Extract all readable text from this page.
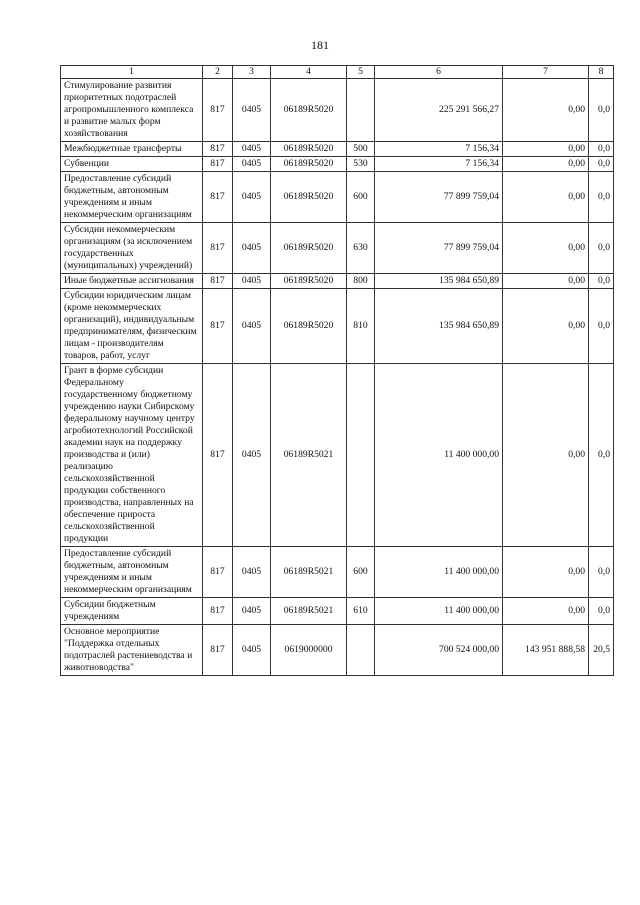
181
1	2	3	4	5	6	7	8
Стимулирование развития приоритетных подотраслей агропромышленного комплекса и развитие малых форм хозяйствования	817	0405	06189R5020		225 291 566,27	0,00	0,0
Межбюджетные трансферты	817	0405	06189R5020	500	7 156,34	0,00	0,0
Субвенции	817	0405	06189R5020	530	7 156,34	0,00	0,0
Предоставление субсидий бюджетным, автономным учреждениям и иным некоммерческим организациям	817	0405	06189R5020	600	77 899 759,04	0,00	0,0
Субсидии некоммерческим организациям (за исключением государственных (муниципальных) учреждений)	817	0405	06189R5020	630	77 899 759,04	0,00	0,0
Иные бюджетные ассигнования	817	0405	06189R5020	800	135 984 650,89	0,00	0,0
Субсидии юридическим лицам (кроме некоммерческих организаций), индивидуальным предпринимателям, физическим лицам - производителям товаров, работ, услуг	817	0405	06189R5020	810	135 984 650,89	0,00	0,0
Грант в форме субсидии Федеральному государственному бюджетному учреждению науки Сибирскому федеральному научному центру агробиотехнологий Российской академии наук на поддержку производства и (или) реализацию сельскохозяйственной продукции собственного производства, направленных на обеспечение прироста сельскохозяйственной продукции	817	0405	06189R5021		11 400 000,00	0,00	0,0
Предоставление субсидий бюджетным, автономным учреждениям и иным некоммерческим организациям	817	0405	06189R5021	600	11 400 000,00	0,00	0,0
Субсидии бюджетным учреждениям	817	0405	06189R5021	610	11 400 000,00	0,00	0,0
Основное мероприятие "Поддержка отдельных подотраслей растениеводства и животноводства"	817	0405	0619000000		700 524 000,00	143 951 888,58	20,5
